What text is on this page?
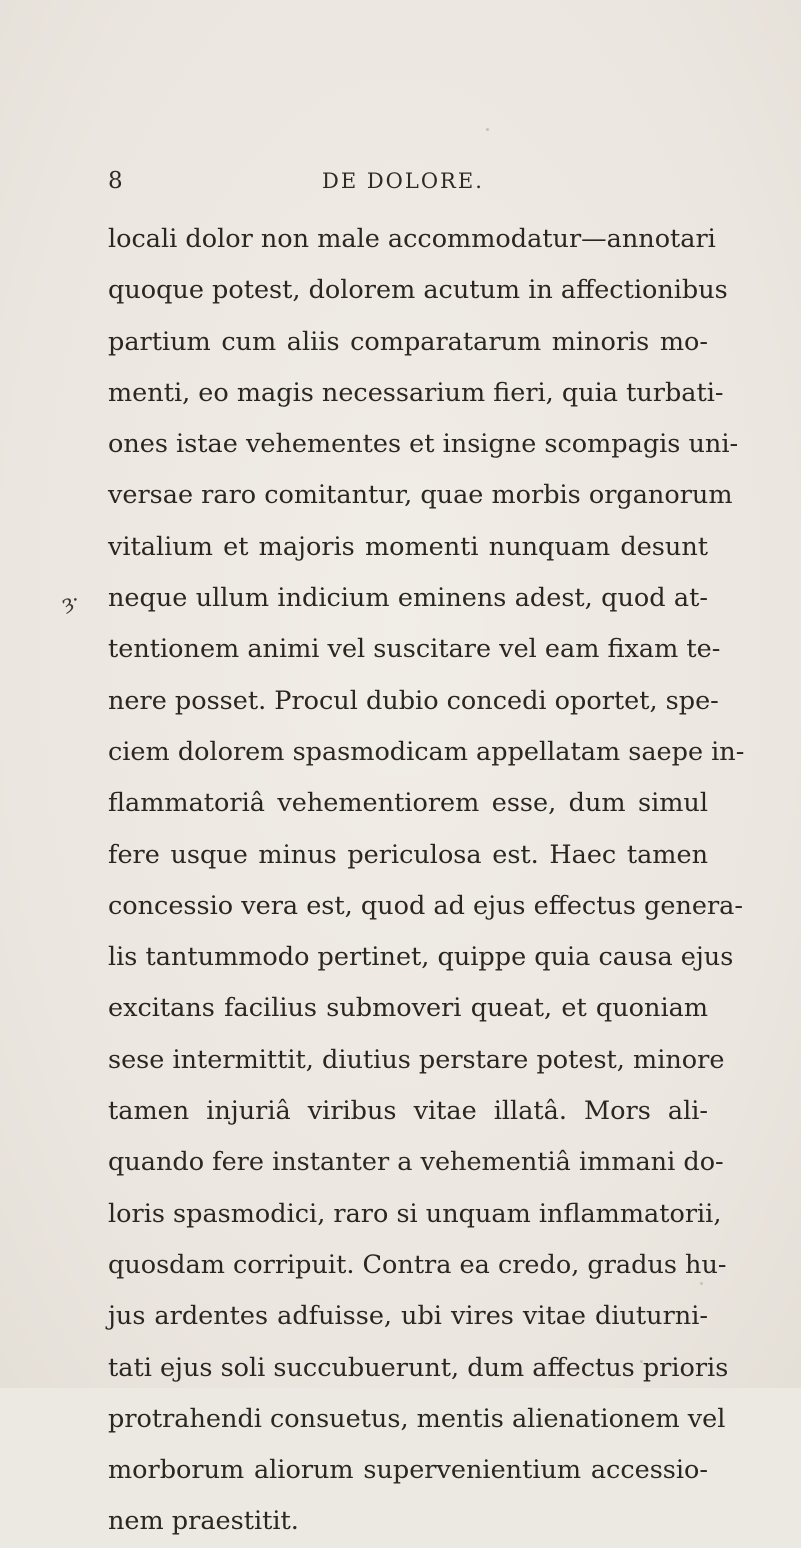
8	DE DOLORE.
ȝ·
locali dolor non male accommodatur—annotari
quoque potest, dolorem acutum in affectionibus
partium cum aliis comparatarum minoris mo-
menti, eo magis necessarium fieri, quia turbati-
ones istae vehementes et insigne scompagis uni-
versae raro comitantur, quae morbis organorum
vitalium et majoris momenti nunquam desunt
neque ullum indicium eminens adest, quod at-
tentionem animi vel suscitare vel eam fixam te-
nere posset. Procul dubio concedi oportet, spe-
ciem dolorem spasmodicam appellatam saepe in-
flammatoriâ vehementiorem esse, dum simul
fere usque minus periculosa est. Haec tamen
concessio vera est, quod ad ejus effectus genera-
lis tantummodo pertinet, quippe quia causa ejus
excitans facilius submoveri queat, et quoniam
sese intermittit, diutius perstare potest, minore
tamen injuriâ viribus vitae illatâ. Mors ali-
quando fere instanter a vehementiâ immani do-
loris spasmodici, raro si unquam inflammatorii,
quosdam corripuit. Contra ea credo, gradus hu-
jus ardentes adfuisse, ubi vires vitae diuturni-
tati ejus soli succubuerunt, dum affectus prioris
protrahendi consuetus, mentis alienationem vel
morborum aliorum supervenientium accessio-
nem praestitit.
